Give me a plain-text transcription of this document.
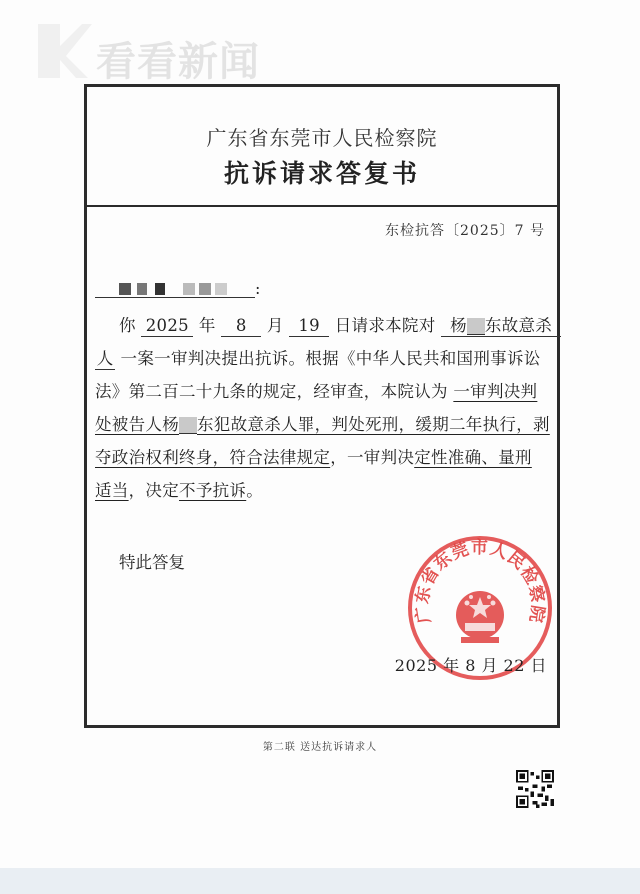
看看新闻
广东省东莞市人民检察院
抗诉请求答复书
东检抗答〔2025〕7 号
:
你 2025 年 8 月 19 日请求本院对 杨 东故意杀
人 一案一审判决提出抗诉。根据《中华人民共和国刑事诉讼
法》第二百二十九条的规定，经审查，本院认为 一审判决判
处被告人杨 东犯故意杀人罪，判处死刑，缓期二年执行，剥
夺政治权利终身，符合法律规定，一审判决定性准确、量刑
适当，决定不予抗诉。
特此答复
广东省东莞市人民检察院
2025 年 8 月 22 日
第二联 送达抗诉请求人
